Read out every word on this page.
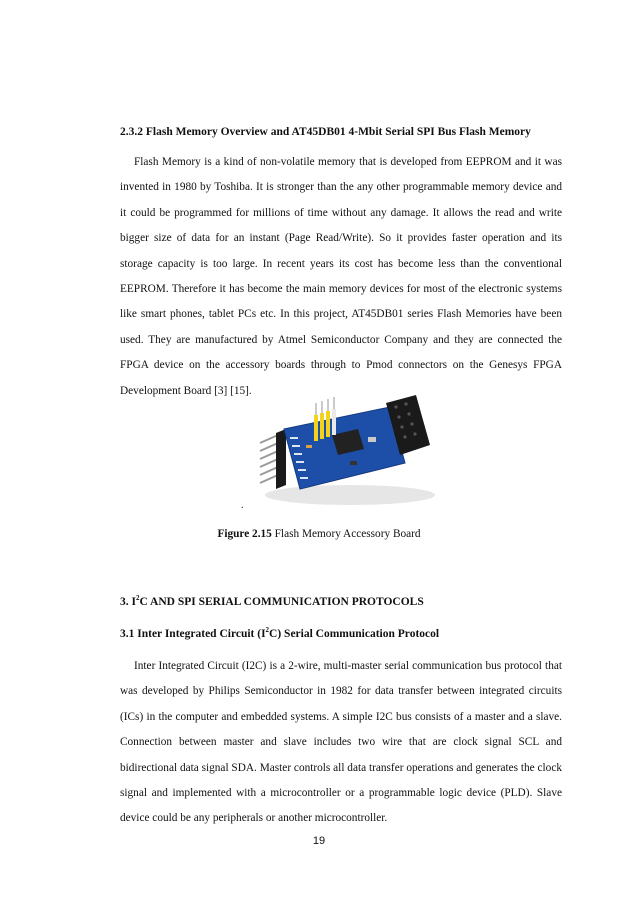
2.3.2 Flash Memory Overview and AT45DB01 4-Mbit Serial SPI Bus Flash Memory

Flash Memory is a kind of non-volatile memory that is developed from EEPROM and it was invented in 1980 by Toshiba. It is stronger than the any other programmable memory device and it could be programmed for millions of time without any damage. It allows the read and write bigger size of data for an instant (Page Read/Write). So it provides faster operation and its storage capacity is too large. In recent years its cost has become less than the conventional EEPROM. Therefore it has become the main memory devices for most of the electronic systems like smart phones, tablet PCs etc. In this project, AT45DB01 series Flash Memories have been used. They are manufactured by Atmel Semiconductor Company and they are connected the FPGA device on the accessory boards through to Pmod connectors on the Genesys FPGA Development Board [3] [15].

.
Figure 2.15 Flash Memory Accessory Board
3. $I^2C$ AND SPI SERIAL COMMUNICATION PROTOCOLS
3.1 Inter Integrated Circuit $(I^2C)$ Serial Communication Protocol

Inter Integrated Circuit (I2C) is a 2-wire, multi-master serial communication bus protocol that was developed by Philips Semiconductor in 1982 for data transfer between integrated circuits (ICs) in the computer and embedded systems. A simple I2C bus consists of a master and a slave. Connection between master and slave includes two wire that are clock signal SCL and bidirectional data signal SDA. Master controls all data transfer operations and generates the clock signal and implemented with a microcontroller or a programmable logic device (PLD). Slave device could be any peripherals or another microcontroller.

19
